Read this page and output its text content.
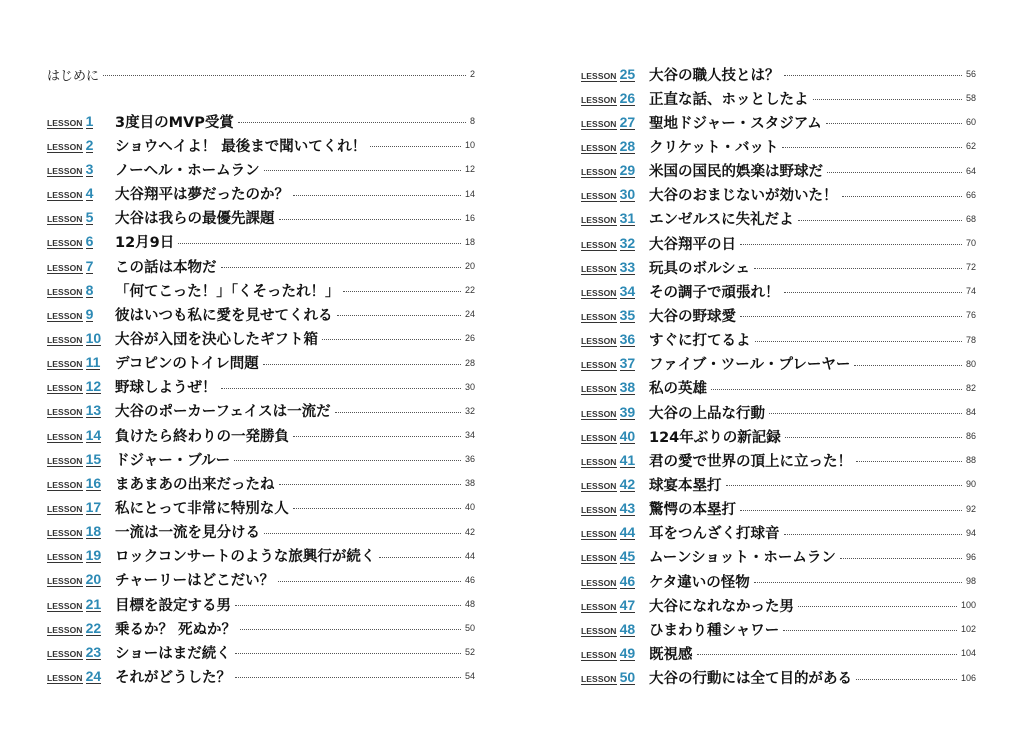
はじめに	2
LESSON 1 3度目のMVP受賞	8
LESSON 2 ショウヘイよ！ 最後まで聞いてくれ！	10
LESSON 3 ノーヘル・ホームラン	12
LESSON 4 大谷翔平は夢だったのか？	14
LESSON 5 大谷は我らの最優先課題	16
LESSON 6 12月9日	18
LESSON 7 この話は本物だ	20
LESSON 8 「何てこった！」「くそったれ！」	22
LESSON 9 彼はいつも私に愛を見せてくれる	24
LESSON 10 大谷が入団を決心したギフト箱	26
LESSON 11 デコピンのトイレ問題	28
LESSON 12 野球しようぜ！	30
LESSON 13 大谷のポーカーフェイスは一流だ	32
LESSON 14 負けたら終わりの一発勝負	34
LESSON 15 ドジャー・ブルー	36
LESSON 16 まあまあの出来だったね	38
LESSON 17 私にとって非常に特別な人	40
LESSON 18 一流は一流を見分ける	42
LESSON 19 ロックコンサートのような旅興行が続く	44
LESSON 20 チャーリーはどこだい？	46
LESSON 21 目標を設定する男	48
LESSON 22 乗るか？ 死ぬか？	50
LESSON 23 ショーはまだ続く	52
LESSON 24 それがどうした？	54
LESSON 25 大谷の職人技とは？	56
LESSON 26 正直な話、ホッとしたよ	58
LESSON 27 聖地ドジャー・スタジアム	60
LESSON 28 クリケット・バット	62
LESSON 29 米国の国民的娯楽は野球だ	64
LESSON 30 大谷のおまじないが効いた！	66
LESSON 31 エンゼルスに失礼だよ	68
LESSON 32 大谷翔平の日	70
LESSON 33 玩具のボルシェ	72
LESSON 34 その調子で頑張れ！	74
LESSON 35 大谷の野球愛	76
LESSON 36 すぐに打てるよ	78
LESSON 37 ファイブ・ツール・プレーヤー	80
LESSON 38 私の英雄	82
LESSON 39 大谷の上品な行動	84
LESSON 40 124年ぶりの新記録	86
LESSON 41 君の愛で世界の頂上に立った！	88
LESSON 42 球宴本塁打	90
LESSON 43 驚愕の本塁打	92
LESSON 44 耳をつんざく打球音	94
LESSON 45 ムーンショット・ホームラン	96
LESSON 46 ケタ違いの怪物	98
LESSON 47 大谷になれなかった男	100
LESSON 48 ひまわり種シャワー	102
LESSON 49 既視感	104
LESSON 50 大谷の行動には全て目的がある	106
